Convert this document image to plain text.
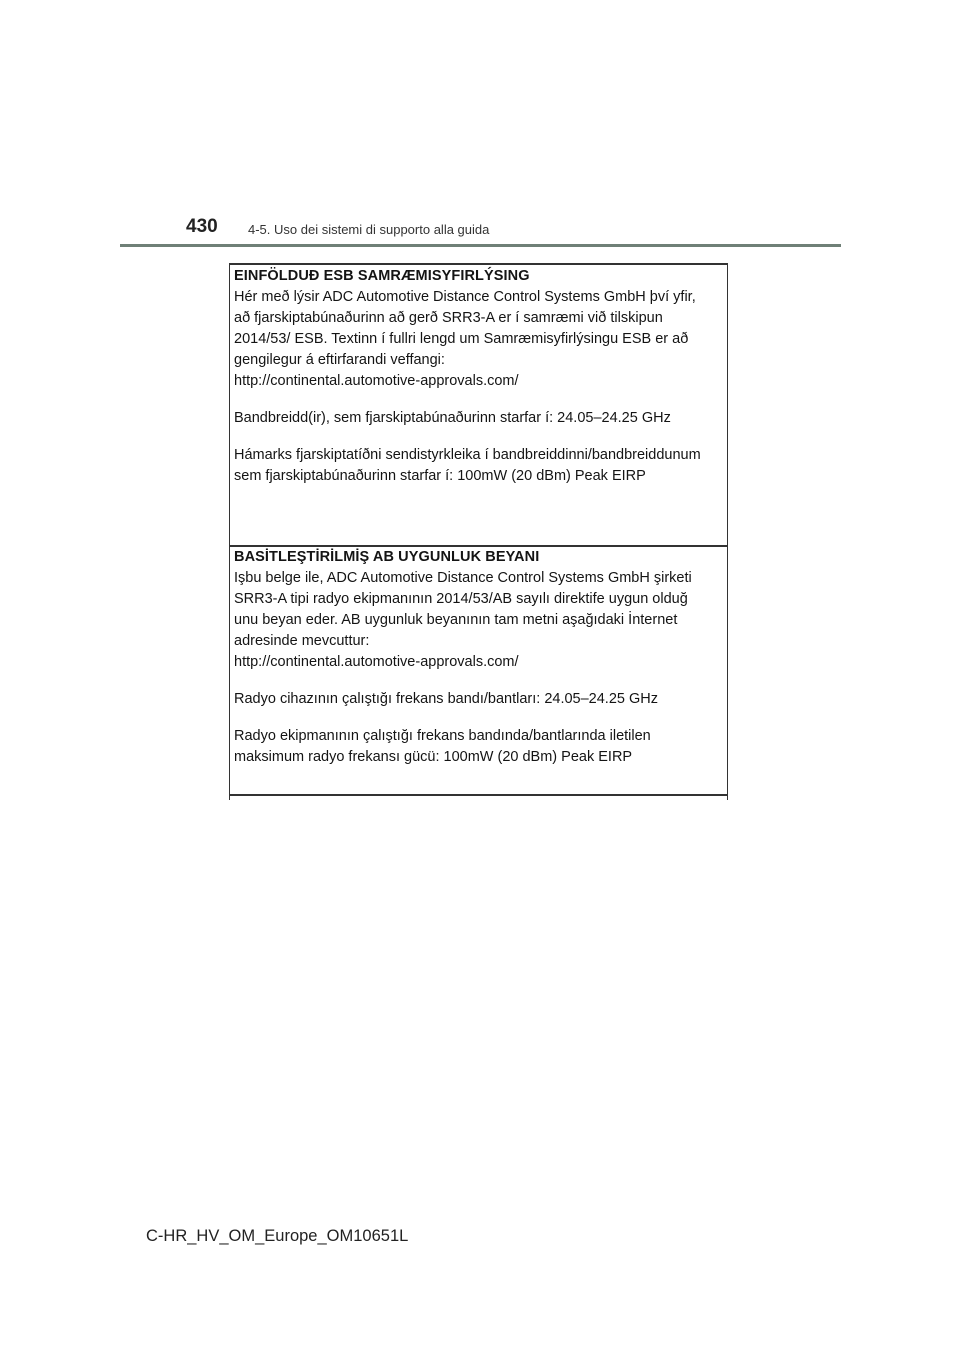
430 4-5. Uso dei sistemi di supporto alla guida
EINFÖLDUÐ ESB SAMRÆMISYFIRLÝSING
Hér með lýsir ADC Automotive Distance Control Systems GmbH því yfir,
að fjarskiptabúnaðurinn að gerð SRR3-A er í samræmi við tilskipun
2014/53/ ESB. Textinn í fullri lengd um Samræmisyfirlýsingu ESB er að
gengilegur á eftirfarandi veffangi:
http://continental.automotive-approvals.com/
Bandbreidd(ir), sem fjarskiptabúnaðurinn starfar í: 24.05–24.25 GHz
Hámarks fjarskiptatíðni sendistyrkleika í bandbreiddinni/bandbreiddunum
sem fjarskiptabúnaðurinn starfar í: 100mW (20 dBm) Peak EIRP
BASİTLEŞTİRİLMİŞ AB UYGUNLUK BEYANI
Işbu belge ile, ADC Automotive Distance Control Systems GmbH şirketi
SRR3-A tipi radyo ekipmanının 2014/53/AB sayılı direktife uygun olduğ
unu beyan eder. AB uygunluk beyanının tam metni aşağıdaki İnternet
adresinde mevcuttur:
http://continental.automotive-approvals.com/
Radyo cihazının çalıştığı frekans bandı/bantları: 24.05–24.25 GHz
Radyo ekipmanının çalıştığı frekans bandında/bantlarında iletilen
maksimum radyo frekansı gücü: 100mW (20 dBm) Peak EIRP
C-HR_HV_OM_Europe_OM10651L
